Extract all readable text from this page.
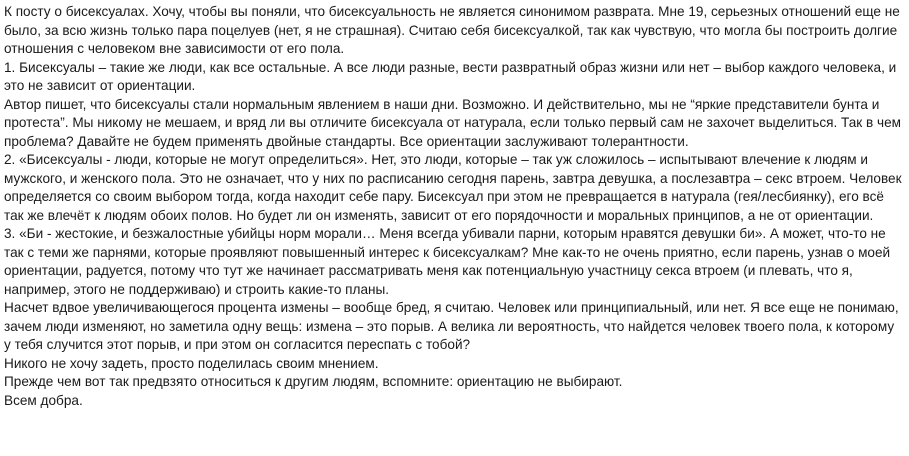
К посту о бисексуалах. Хочу, чтобы вы поняли, что бисексуальность не является синонимом разврата. Мне 19, серьезных отношений еще не было, за всю жизнь только пара поцелуев (нет, я не страшная). Считаю себя бисексуалкой, так как чувствую, что могла бы построить долгие отношения с человеком вне зависимости от его пола.

1. Бисексуалы – такие же люди, как все остальные. А все люди разные, вести развратный образ жизни или нет – выбор каждого человека, и это не зависит от ориентации.

Автор пишет, что бисексуалы стали нормальным явлением в наши дни. Возможно. И действительно, мы не “яркие представители бунта и протеста”. Мы никому не мешаем, и вряд ли вы отличите бисексуала от натурала, если только первый сам не захочет выделиться. Так в чем проблема? Давайте не будем применять двойные стандарты. Все ориентации заслуживают толерантности.

2. «Бисексуалы - люди, которые не могут определиться». Нет, это люди, которые – так уж сложилось – испытывают влечение к людям и мужского, и женского пола. Это не означает, что у них по расписанию сегодня парень, завтра девушка, а послезавтра – секс втроем. Человек определяется со своим выбором тогда, когда находит себе пару. Бисексуал при этом не превращается в натурала (гея/лесбиянку), его всё так же влечёт к людям обоих полов. Но будет ли он изменять, зависит от его порядочности и моральных принципов, а не от ориентации.

3. «Би - жестокие, и безжалостные убийцы норм морали… Меня всегда убивали парни, которым нравятся девушки би». А может, что-то не так с теми же парнями, которые проявляют повышенный интерес к бисексуалкам? Мне как-то не очень приятно, если парень, узнав о моей ориентации, радуется, потому что тут же начинает рассматривать меня как потенциальную участницу секса втроем (и плевать, что я, например, этого не поддерживаю) и строить какие-то планы.

Насчет вдвое увеличивающегося процента измены – вообще бред, я считаю. Человек или принципиальный, или нет. Я все еще не понимаю, зачем люди изменяют, но заметила одну вещь: измена – это порыв. А велика ли вероятность, что найдется человек твоего пола, к которому у тебя случится этот порыв, и при этом он согласится переспать с тобой?

Никого не хочу задеть, просто поделилась своим мнением.

Прежде чем вот так предвзято относиться к другим людям, вспомните: ориентацию не выбирают.

Всем добра.
